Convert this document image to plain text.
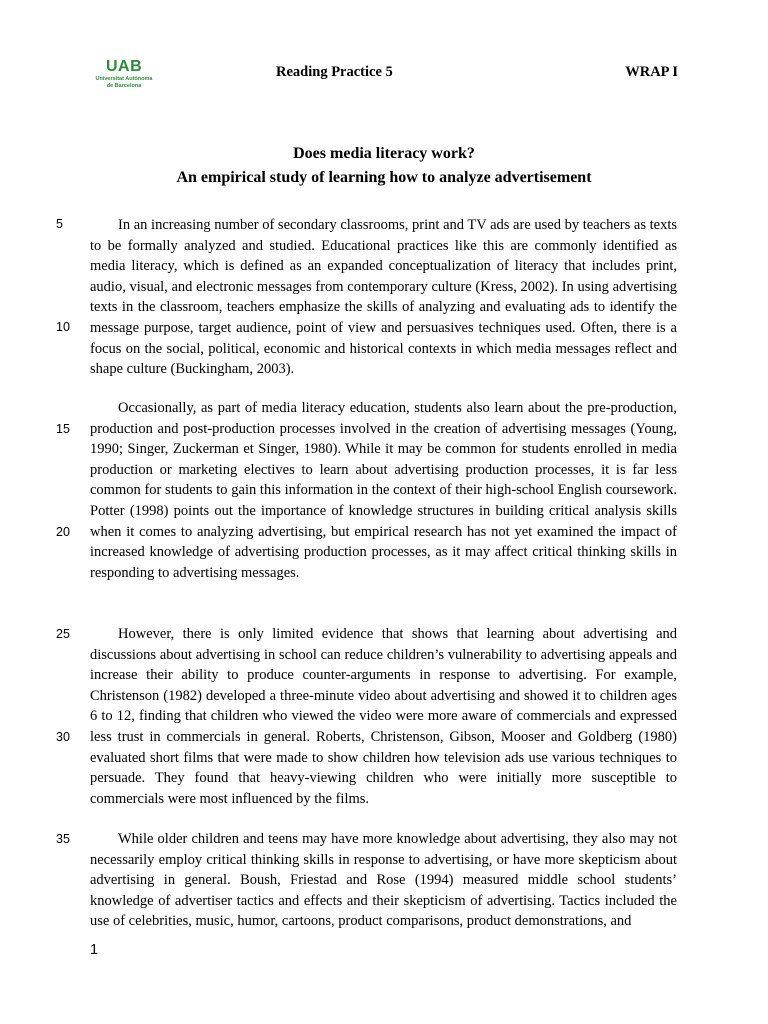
UAB
Universitat Autònoma
de Barcelona
Reading Practice 5	WRAP I
Does media literacy work?
An empirical study of learning how to analyze advertisement
5
10
15
20
25
30
35

In an increasing number of secondary classrooms, print and TV ads are used by teachers as texts to be formally analyzed and studied. Educational practices like this are commonly identified as media literacy, which is defined as an expanded conceptualization of literacy that includes print, audio, visual, and electronic messages from contemporary culture (Kress, 2002). In using advertising texts in the classroom, teachers emphasize the skills of analyzing and evaluating ads to identify the message purpose, target audience, point of view and persuasives techniques used. Often, there is a focus on the social, political, economic and historical contexts in which media messages reflect and shape culture (Buckingham, 2003).

Occasionally, as part of media literacy education, students also learn about the pre-production, production and post-production processes involved in the creation of advertising messages (Young, 1990; Singer, Zuckerman et Singer, 1980). While it may be common for students enrolled in media production or marketing electives to learn about advertising production processes, it is far less common for students to gain this information in the context of their high-school English coursework. Potter (1998) points out the importance of knowledge structures in building critical analysis skills when it comes to analyzing advertising, but empirical research has not yet examined the impact of increased knowledge of advertising production processes, as it may affect critical thinking skills in responding to advertising messages.

However, there is only limited evidence that shows that learning about advertising and discussions about advertising in school can reduce children’s vulnerability to advertising appeals and increase their ability to produce counter-arguments in response to advertising. For example, Christenson (1982) developed a three-minute video about advertising and showed it to children ages 6 to 12, finding that children who viewed the video were more aware of commercials and expressed less trust in commercials in general. Roberts, Christenson, Gibson, Mooser and Goldberg (1980) evaluated short films that were made to show children how television ads use various techniques to persuade. They found that heavy-viewing children who were initially more susceptible to commercials were most influenced by the films.

While older children and teens may have more knowledge about advertising, they also may not necessarily employ critical thinking skills in response to advertising, or have more skepticism about advertising in general. Boush, Friestad and Rose (1994) measured middle school students’ knowledge of advertiser tactics and effects and their skepticism of advertising. Tactics included the use of celebrities, music, humor, cartoons, product comparisons, product demonstrations, and

1
